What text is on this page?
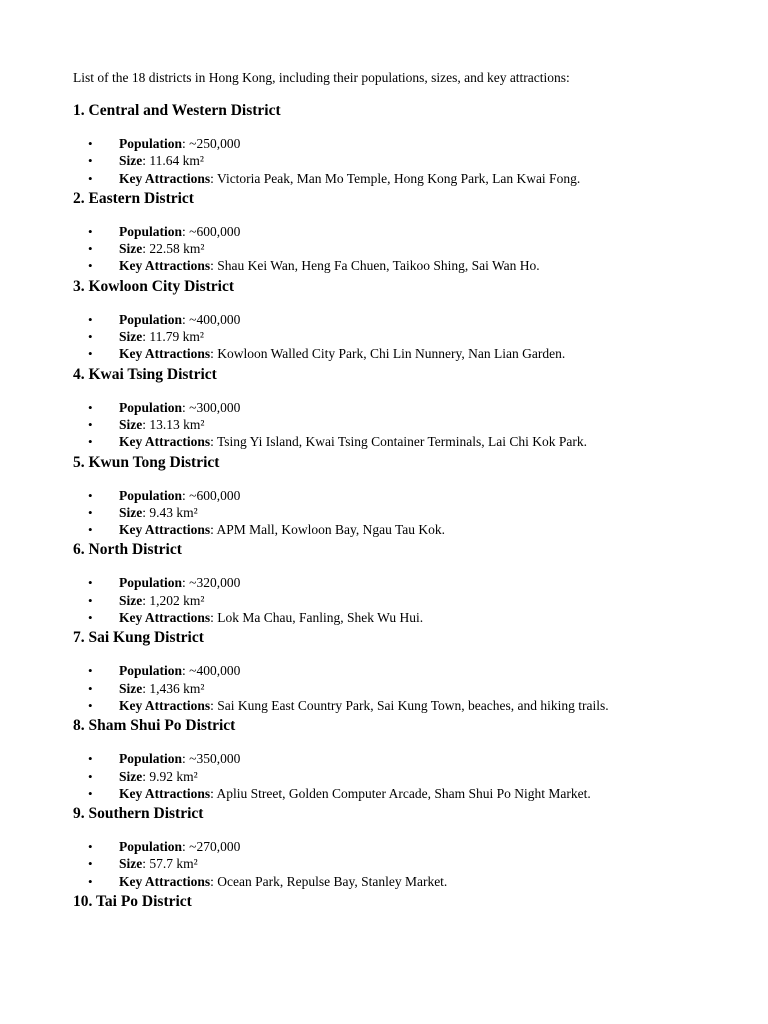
List of the 18 districts in Hong Kong, including their populations, sizes, and key attractions:

1. Central and Western District
• Population: ~250,000
• Size: 11.64 km²
• Key Attractions: Victoria Peak, Man Mo Temple, Hong Kong Park, Lan Kwai Fong.
2. Eastern District
• Population: ~600,000
• Size: 22.58 km²
• Key Attractions: Shau Kei Wan, Heng Fa Chuen, Taikoo Shing, Sai Wan Ho.
3. Kowloon City District
• Population: ~400,000
• Size: 11.79 km²
• Key Attractions: Kowloon Walled City Park, Chi Lin Nunnery, Nan Lian Garden.
4. Kwai Tsing District
• Population: ~300,000
• Size: 13.13 km²
• Key Attractions: Tsing Yi Island, Kwai Tsing Container Terminals, Lai Chi Kok Park.
5. Kwun Tong District
• Population: ~600,000
• Size: 9.43 km²
• Key Attractions: APM Mall, Kowloon Bay, Ngau Tau Kok.
6. North District
• Population: ~320,000
• Size: 1,202 km²
• Key Attractions: Lok Ma Chau, Fanling, Shek Wu Hui.
7. Sai Kung District
• Population: ~400,000
• Size: 1,436 km²
• Key Attractions: Sai Kung East Country Park, Sai Kung Town, beaches, and hiking trails.
8. Sham Shui Po District
• Population: ~350,000
• Size: 9.92 km²
• Key Attractions: Apliu Street, Golden Computer Arcade, Sham Shui Po Night Market.
9. Southern District
• Population: ~270,000
• Size: 57.7 km²
• Key Attractions: Ocean Park, Repulse Bay, Stanley Market.
10. Tai Po District
